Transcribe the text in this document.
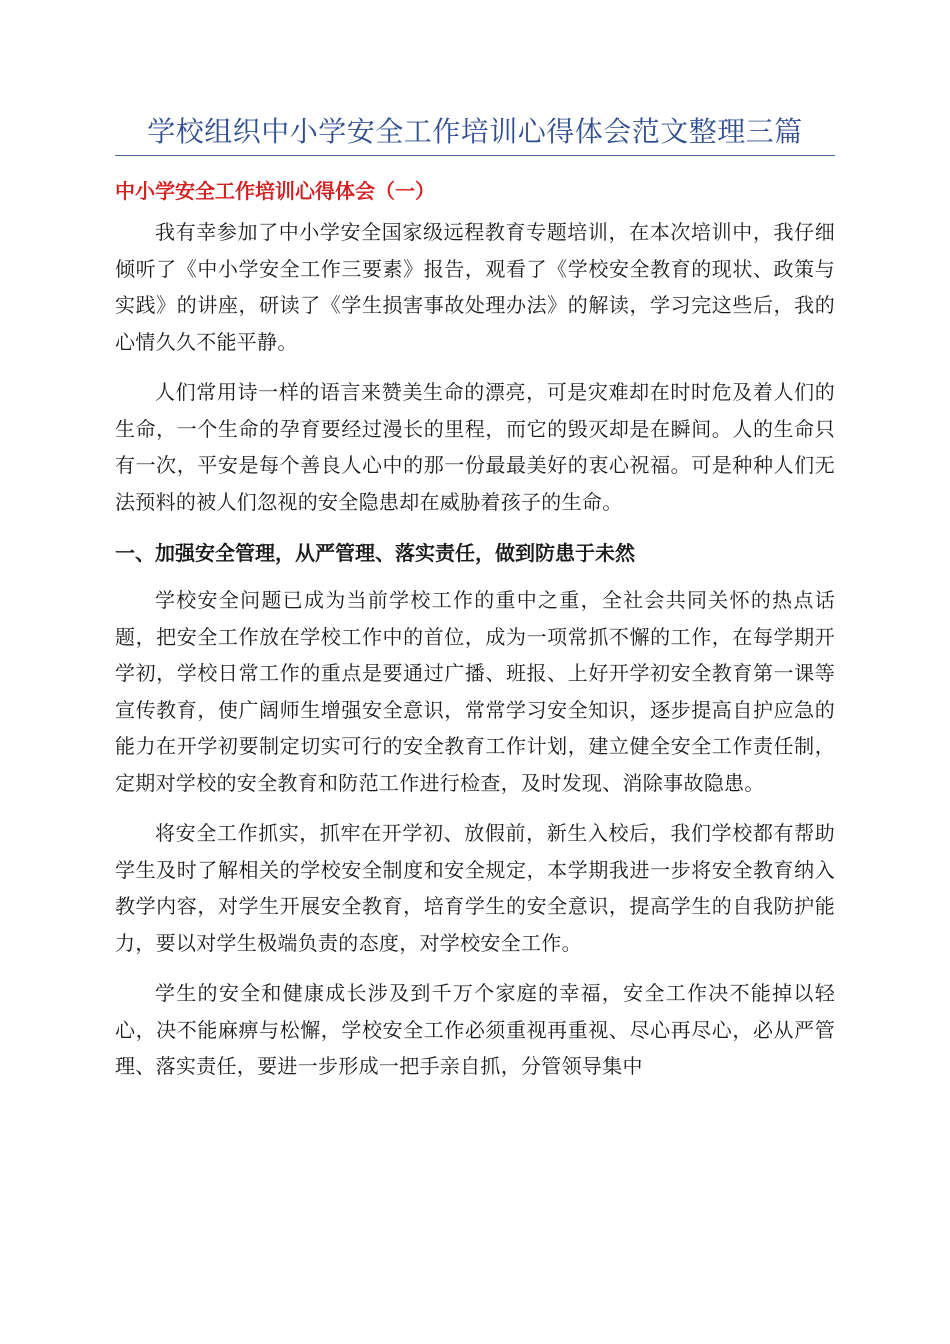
学校组织中小学安全工作培训心得体会范文整理三篇
中小学安全工作培训心得体会（一）

我有幸参加了中小学安全国家级远程教育专题培训，在本次培训中，我仔细倾听了《中小学安全工作三要素》报告，观看了《学校安全教育的现状、政策与实践》的讲座，研读了《学生损害事故处理办法》的解读，学习完这些后，我的心情久久不能平静。

人们常用诗一样的语言来赞美生命的漂亮，可是灾难却在时时危及着人们的生命，一个生命的孕育要经过漫长的里程，而它的毁灭却是在瞬间。人的生命只有一次，平安是每个善良人心中的那一份最最美好的衷心祝福。可是种种人们无法预料的被人们忽视的安全隐患却在威胁着孩子的生命。

一、加强安全管理，从严管理、落实责任，做到防患于未然

学校安全问题已成为当前学校工作的重中之重，全社会共同关怀的热点话题，把安全工作放在学校工作中的首位，成为一项常抓不懈的工作，在每学期开学初，学校日常工作的重点是要通过广播、班报、上好开学初安全教育第一课等宣传教育，使广阔师生增强安全意识，常常学习安全知识，逐步提高自护应急的能力在开学初要制定切实可行的安全教育工作计划，建立健全安全工作责任制，定期对学校的安全教育和防范工作进行检查，及时发现、消除事故隐患。

将安全工作抓实，抓牢在开学初、放假前，新生入校后，我们学校都有帮助学生及时了解相关的学校安全制度和安全规定，本学期我进一步将安全教育纳入教学内容，对学生开展安全教育，培育学生的安全意识，提高学生的自我防护能力，要以对学生极端负责的态度，对学校安全工作。

学生的安全和健康成长涉及到千万个家庭的幸福，安全工作决不能掉以轻心，决不能麻痹与松懈，学校安全工作必须重视再重视、尽心再尽心，必从严管理、落实责任，要进一步形成一把手亲自抓，分管领导集中
